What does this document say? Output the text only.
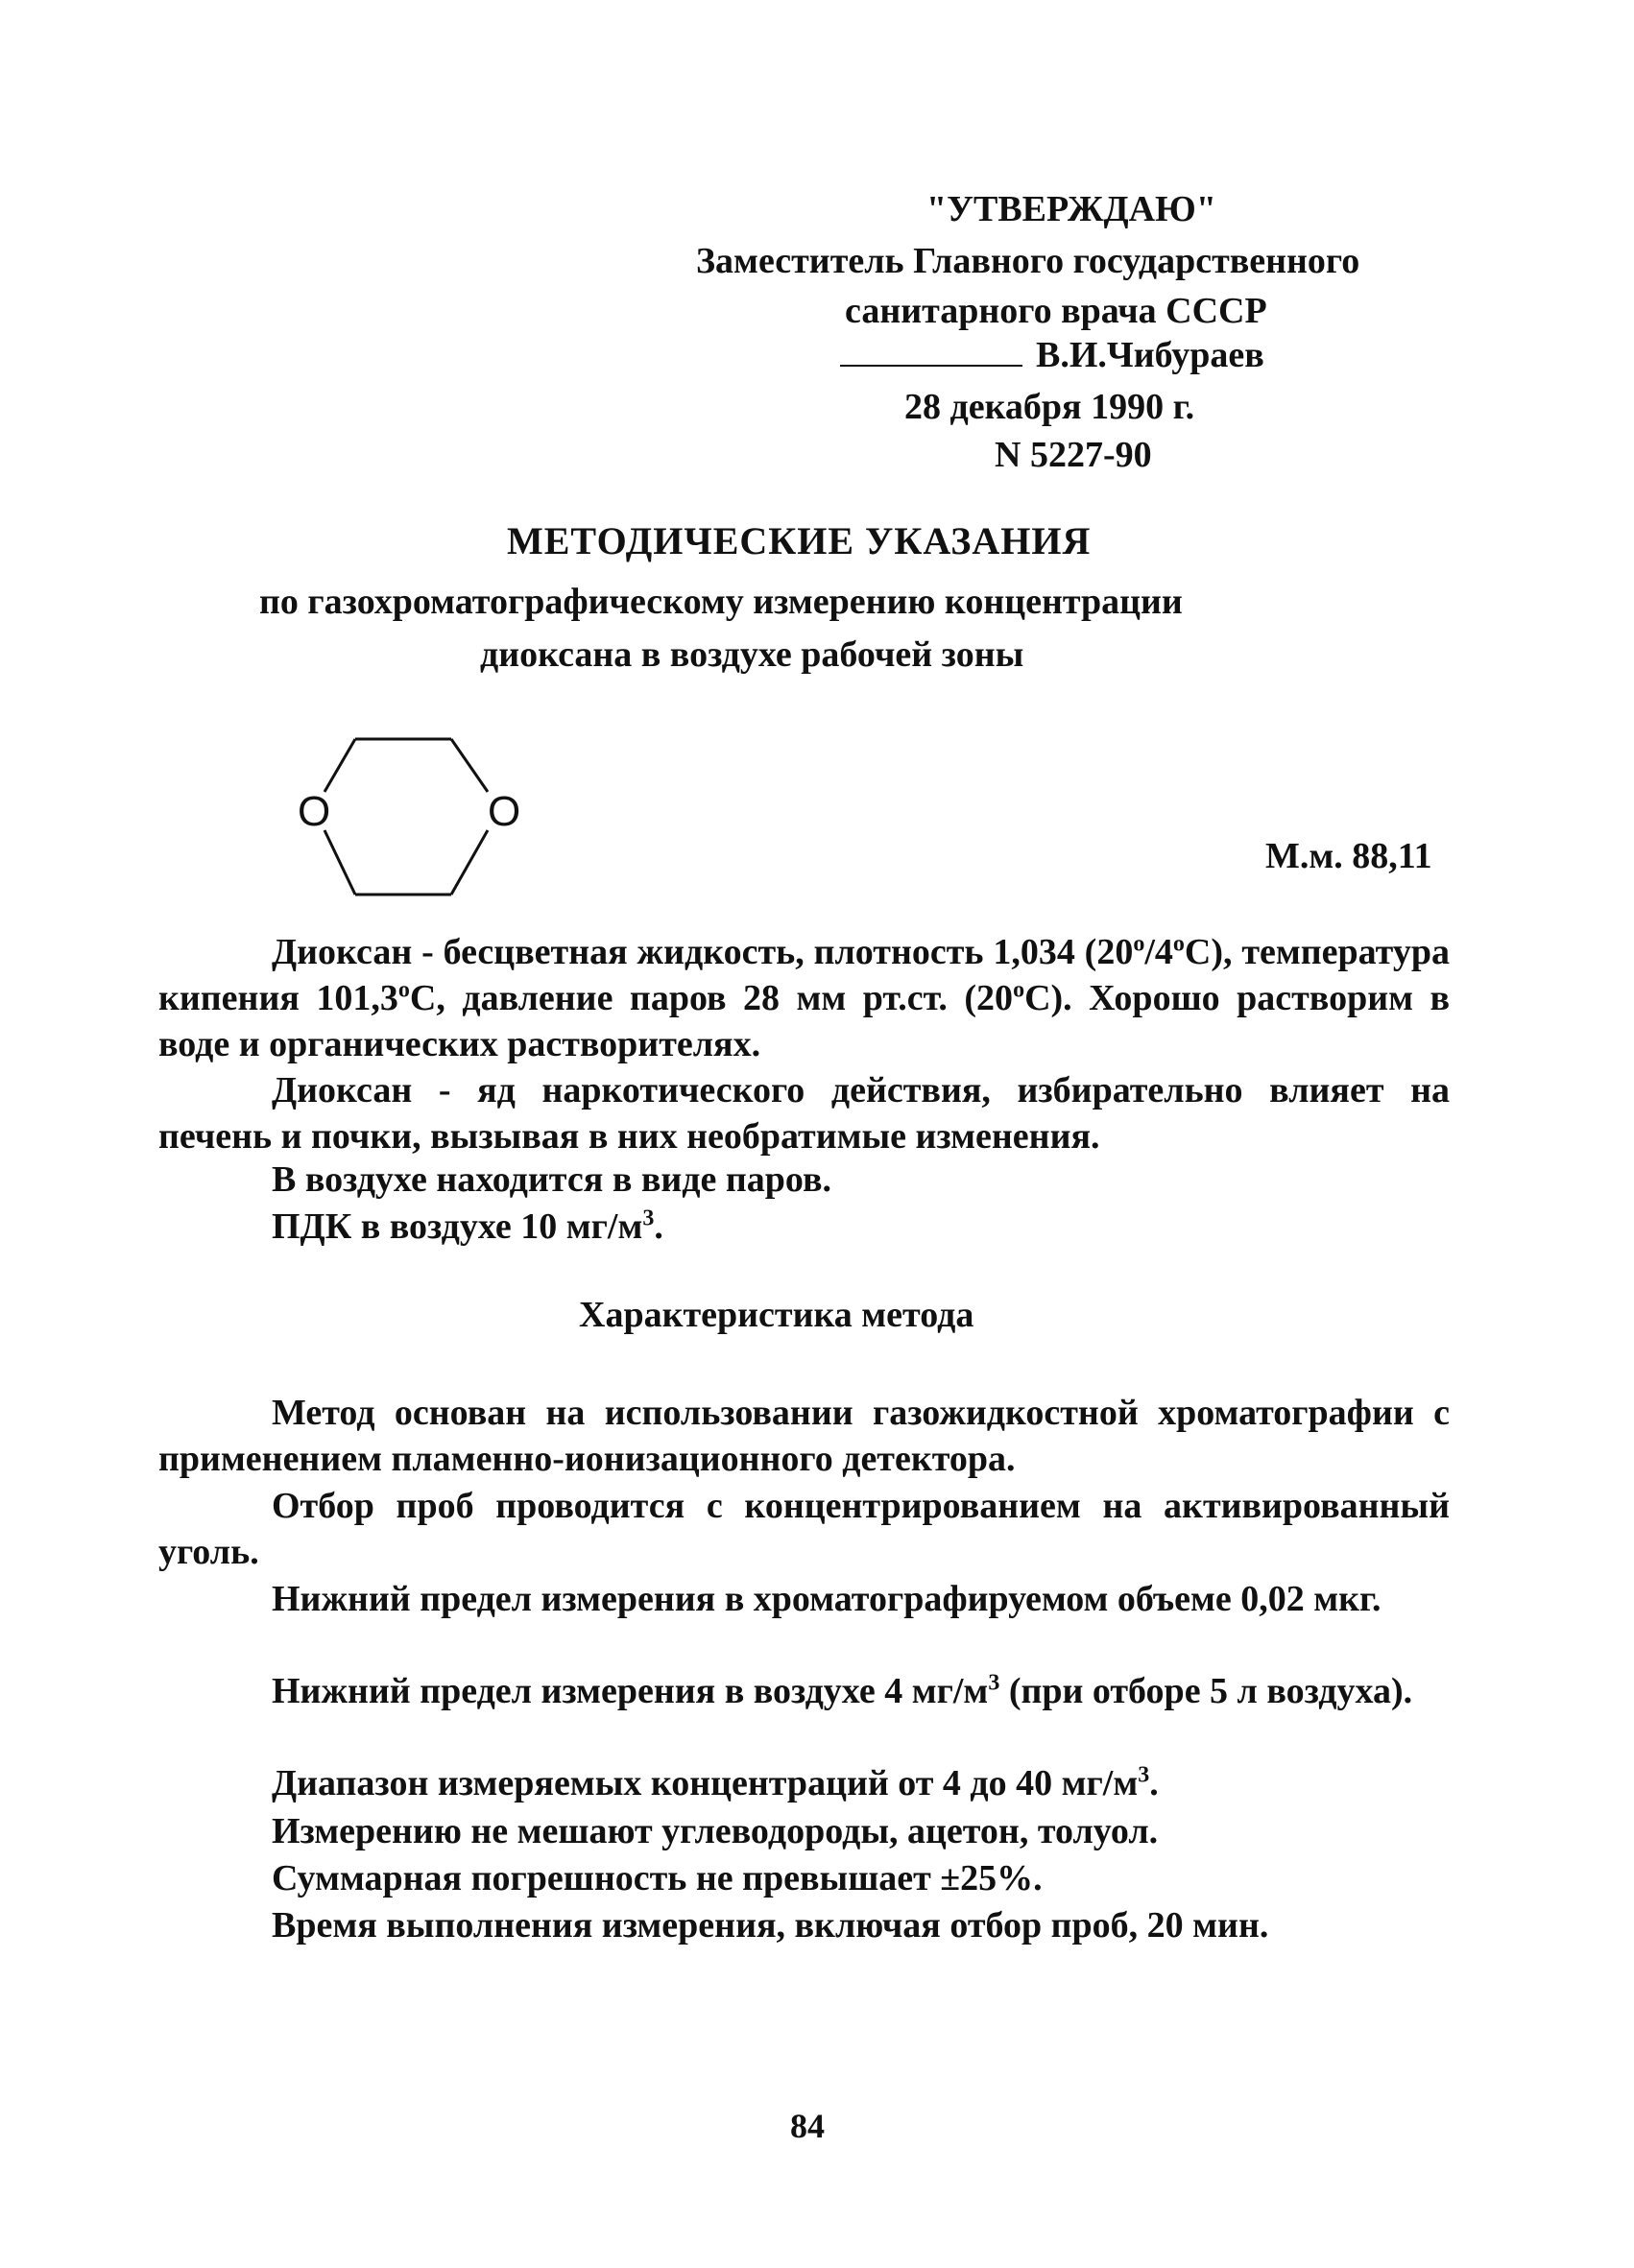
"УТВЕРЖДАЮ"
Заместитель Главного государственного
санитарного врача СССР
В.И.Чибураев
28 декабря 1990 г.
N 5227-90
МЕТОДИЧЕСКИЕ УКАЗАНИЯ
по газохроматографическому измерению концентрации
диоксана в воздухе рабочей зоны
O	O
М.м. 88,11
Диоксан - бесцветная жидкость, плотность 1,034 $(20^о/4^оС)$, температура кипения $101,3^оС$, давление паров 28 мм рт.ст. $(20^оС)$. Хорошо растворим в воде и органических растворителях.
Диоксан - яд наркотического действия, избирательно влияет на печень и почки, вызывая в них необратимые изменения.
В воздухе находится в виде паров.
ПДК в воздухе 10 $мг/м^3$.
Характеристика метода
Метод основан на использовании газожидкостной хроматографии с применением пламенно-ионизационного детектора.
Отбор проб проводится с концентрированием на активированный уголь.
Нижний предел измерения в хроматографируемом объеме 0,02 мкг.
Нижний предел измерения в воздухе 4 $мг/м^3$ (при отборе 5 л воздуха).
Диапазон измеряемых концентраций от 4 до 40 $мг/м^3$.
Измерению не мешают углеводороды, ацетон, толуол.
Суммарная погрешность не превышает ±25%.
Время выполнения измерения, включая отбор проб, 20 мин.
84
